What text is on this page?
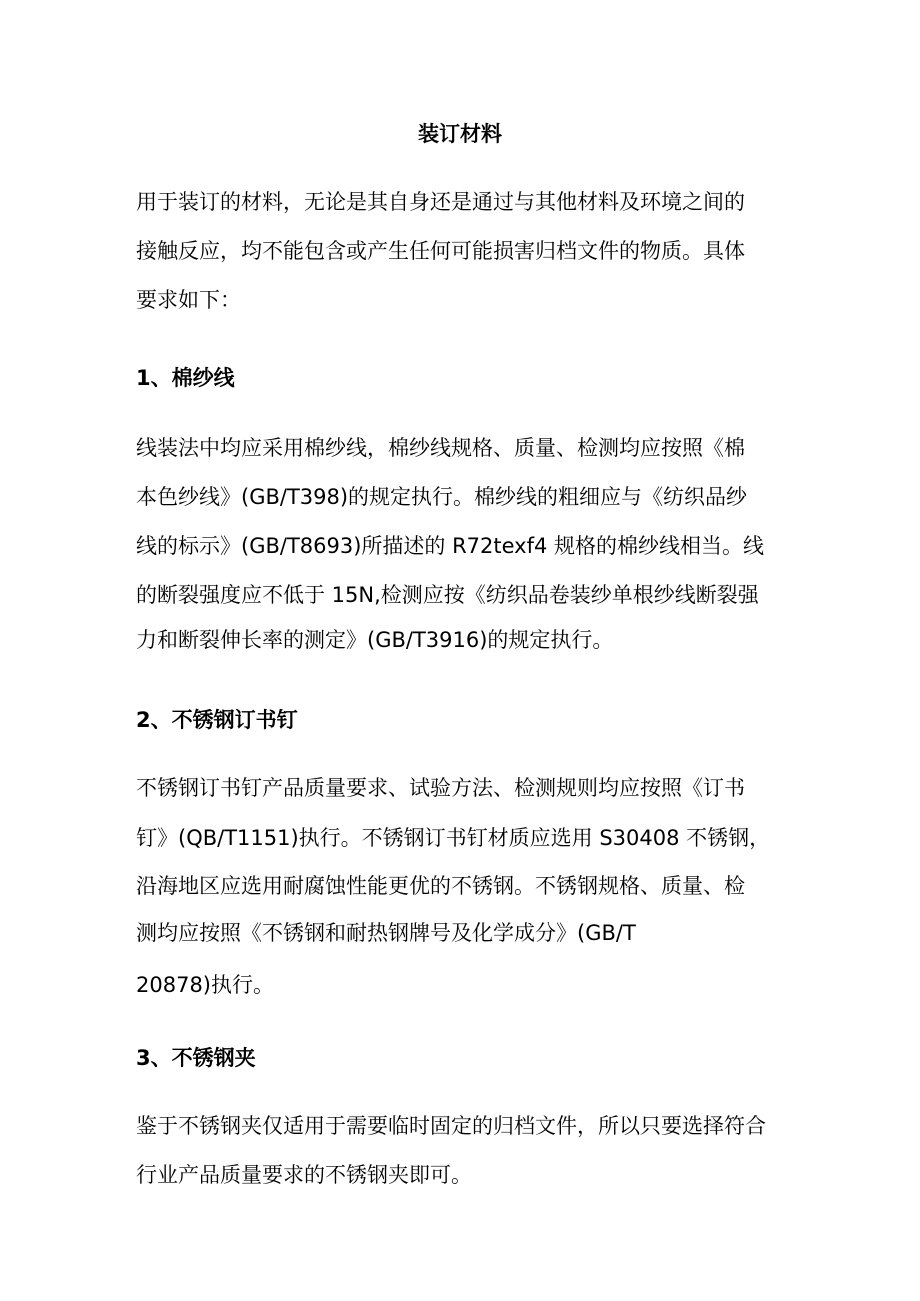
装订材料
用于装订的材料，无论是其自身还是通过与其他材料及环境之间的
接触反应，均不能包含或产生任何可能损害归档文件的物质。具体
要求如下：
1、棉纱线
线装法中均应采用棉纱线，棉纱线规格、质量、检测均应按照《棉
本色纱线》(GB/T398)的规定执行。棉纱线的粗细应与《纺织品纱
线的标示》(GB/T8693)所描述的 R72texf4 规格的棉纱线相当。线
的断裂强度应不低于 15N,检测应按《纺织品卷装纱单根纱线断裂强
力和断裂伸长率的测定》(GB/T3916)的规定执行。
2、不锈钢订书钉
不锈钢订书钉产品质量要求、试验方法、检测规则均应按照《订书
钉》(QB/T1151)执行。不锈钢订书钉材质应选用 S30408 不锈钢，
沿海地区应选用耐腐蚀性能更优的不锈钢。不锈钢规格、质量、检
测均应按照《不锈钢和耐热钢牌号及化学成分》(GB/T
20878)执行。
3、不锈钢夹
鉴于不锈钢夹仅适用于需要临时固定的归档文件，所以只要选择符合
行业产品质量要求的不锈钢夹即可。
